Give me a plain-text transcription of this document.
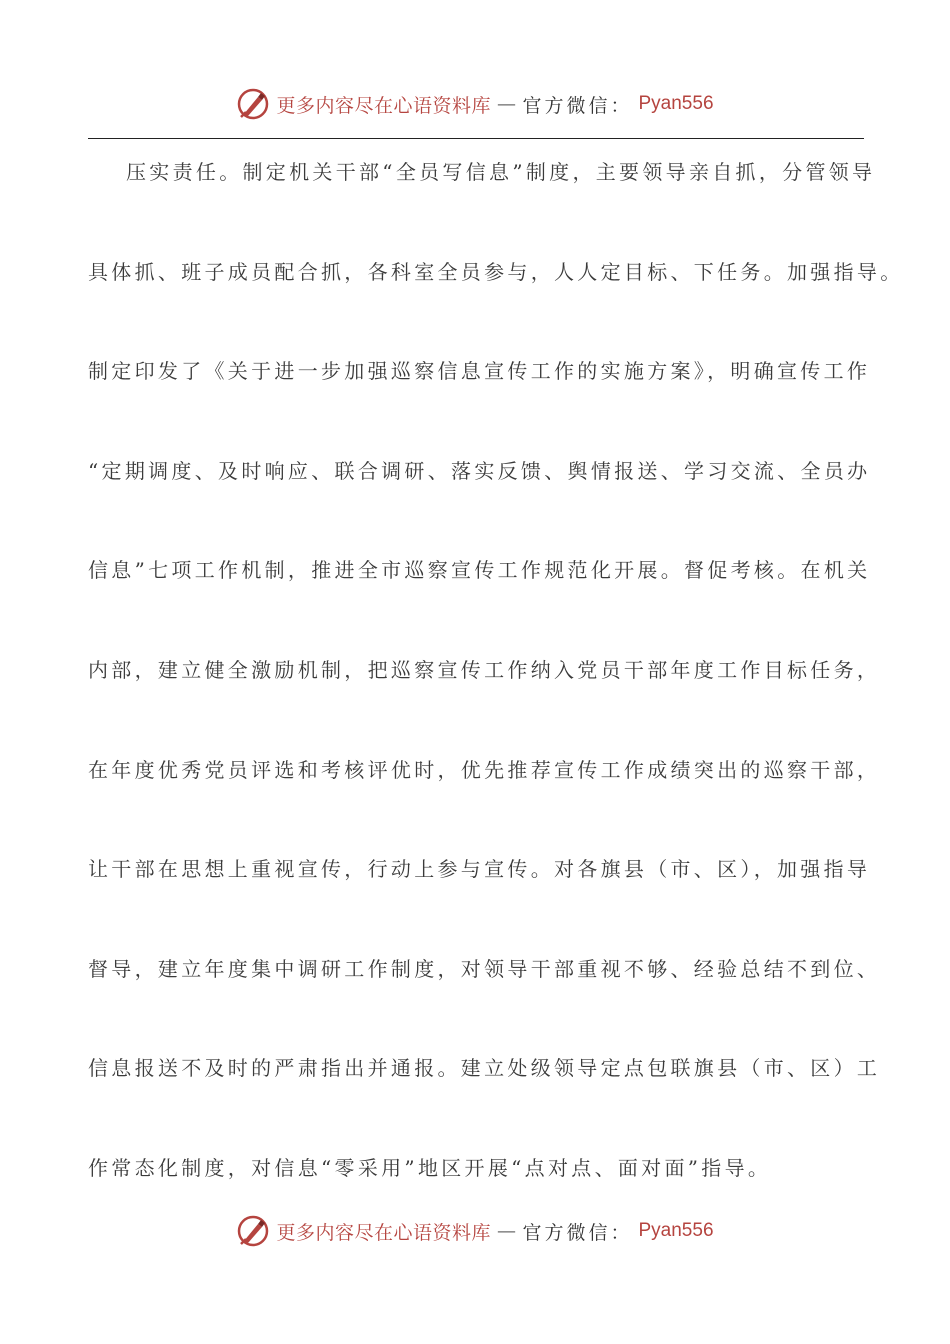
更多内容尽在心语资料库 — 官方微信： Pyan556
压实责任。制定机关干部“全员写信息”制度，主要领导亲自抓，分管领导
具体抓、班子成员配合抓，各科室全员参与，人人定目标、下任务。加强指导。
制定印发了《关于进一步加强巡察信息宣传工作的实施方案》，明确宣传工作
“定期调度、及时响应、联合调研、落实反馈、舆情报送、学习交流、全员办
信息”七项工作机制，推进全市巡察宣传工作规范化开展。督促考核。在机关
内部，建立健全激励机制，把巡察宣传工作纳入党员干部年度工作目标任务，
在年度优秀党员评选和考核评优时，优先推荐宣传工作成绩突出的巡察干部，
让干部在思想上重视宣传，行动上参与宣传。对各旗县（市、区），加强指导
督导，建立年度集中调研工作制度，对领导干部重视不够、经验总结不到位、
信息报送不及时的严肃指出并通报。建立处级领导定点包联旗县（市、区）工
作常态化制度，对信息“零采用”地区开展“点对点、面对面”指导。
更多内容尽在心语资料库 — 官方微信： Pyan556
